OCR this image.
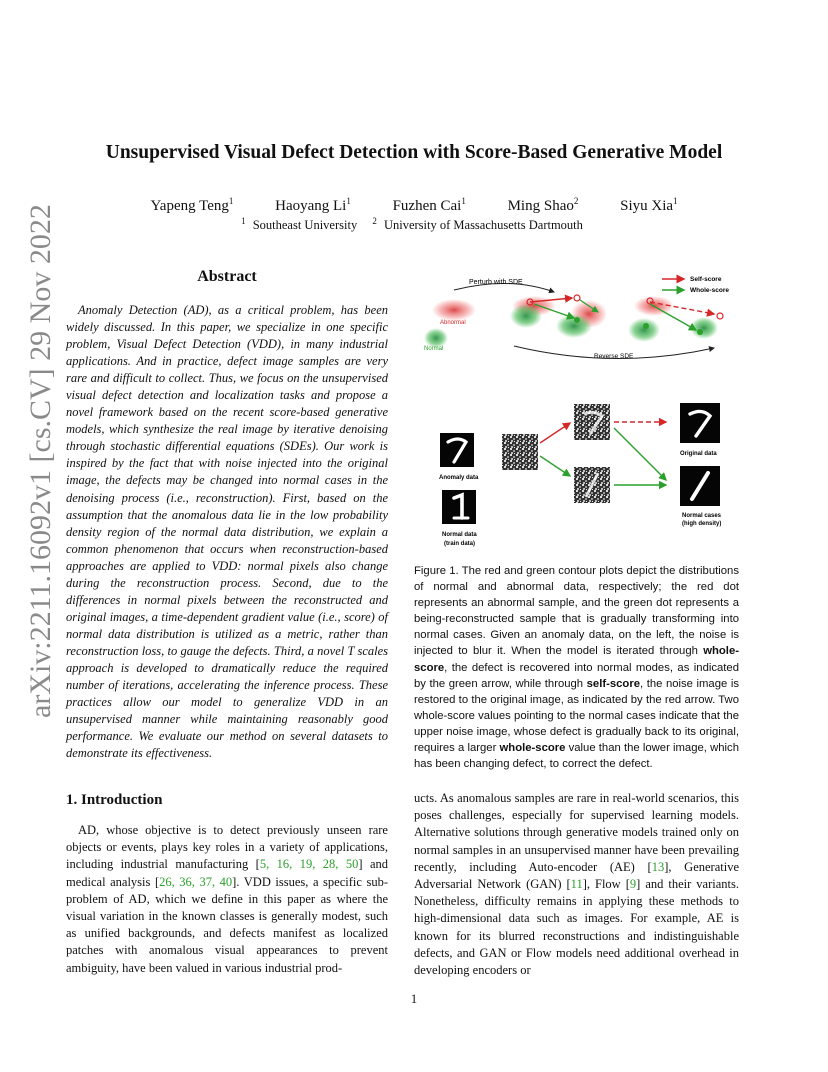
Unsupervised Visual Defect Detection with Score-Based Generative Model
Yapeng Teng$^1$	Haoyang Li$^1$	Fuzhen Cai$^1$	Ming Shao$^2$	Siyu Xia$^1$
$^1$ Southeast University $^2$ University of Massachusetts Dartmouth
arXiv:2211.16092v1 [cs.CV] 29 Nov 2022	Abstract
Anomaly Detection (AD), as a critical problem, has been widely discussed. In this paper, we specialize in one specific problem, Visual Defect Detection (VDD), in many industrial applications. And in practice, defect image samples are very rare and difficult to collect. Thus, we focus on the unsupervised visual defect detection and localization tasks and propose a novel framework based on the recent score-based generative models, which synthesize the real image by iterative denoising through stochastic differential equations (SDEs). Our work is inspired by the fact that with noise injected into the original image, the defects may be changed into normal cases in the denoising process (i.e., reconstruction). First, based on the assumption that the anomalous data lie in the low probability density region of the normal data distribution, we explain a common phenomenon that occurs when reconstruction-based approaches are applied to VDD: normal pixels also change during the reconstruction process. Second, due to the differences in normal pixels between the reconstructed and original images, a time-dependent gradient value (i.e., score) of normal data distribution is utilized as a metric, rather than reconstruction loss, to gauge the defects. Third, a novel T scales approach is developed to dramatically reduce the required number of iterations, accelerating the inference process. These practices allow our model to generalize VDD in an unsupervised manner while maintaining reasonably good performance. We evaluate our method on several datasets to demonstrate its effectiveness.
Perturb with SDE	Self-score
Whole-score
Abnormal
Normal
Reverse SDE
Anomaly data
Normal data
(train data)
Original data
Normal cases
(high density)
Figure 1. The red and green contour plots depict the distributions of normal and abnormal data, respectively; the red dot represents an abnormal sample, and the green dot represents a being-reconstructed sample that is gradually transforming into normal cases. Given an anomaly data, on the left, the noise is injected to blur it. When the model is iterated through whole-score, the defect is recovered into normal modes, as indicated by the green arrow, while through self-score, the noise image is restored to the original image, as indicated by the red arrow. Two whole-score values pointing to the normal cases indicate that the upper noise image, whose defect is gradually back to its original, requires a larger whole-score value than the lower image, which has been changing defect, to correct the defect.
1. Introduction
AD, whose objective is to detect previously unseen rare objects or events, plays key roles in a variety of applications, including industrial manufacturing [5, 16, 19, 28, 50] and medical analysis [26, 36, 37, 40]. VDD issues, a specific sub-problem of AD, which we define in this paper as where the visual variation in the known classes is generally modest, such as unified backgrounds, and defects manifest as localized patches with anomalous visual appearances to prevent ambiguity, have been valued in various industrial prod-
ucts. As anomalous samples are rare in real-world scenarios, this poses challenges, especially for supervised learning models. Alternative solutions through generative models trained only on normal samples in an unsupervised manner have been prevailing recently, including Auto-encoder (AE) [13], Generative Adversarial Network (GAN) [11], Flow [9] and their variants. Nonetheless, difficulty remains in applying these methods to high-dimensional data such as images. For example, AE is known for its blurred reconstructions and indistinguishable defects, and GAN or Flow models need additional overhead in developing encoders or
1
